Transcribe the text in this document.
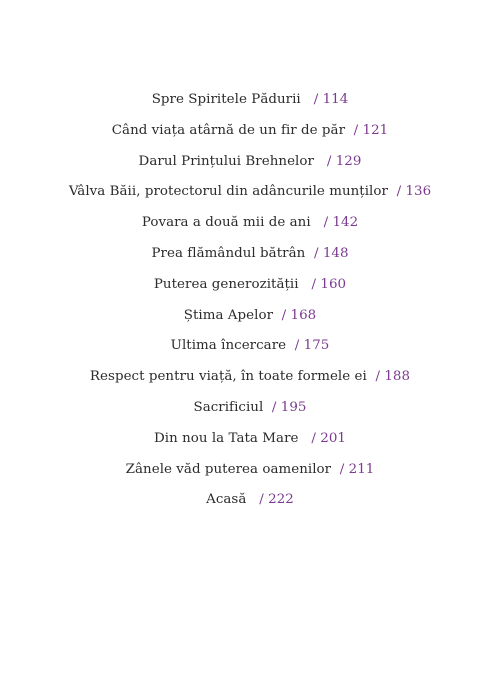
Spre Spiritele Pădurii / 114
Când viața atârnă de un fir de păr / 121
Darul Prințului Brehnelor / 129
Vâlva Băii, protectorul din adâncurile munților / 136
Povara a două mii de ani / 142
Prea flămândul bătrân / 148
Puterea generozității / 160
Știma Apelor / 168
Ultima încercare / 175
Respect pentru viață, în toate formele ei / 188
Sacrificiul / 195
Din nou la Tata Mare / 201
Zânele văd puterea oamenilor / 211
Acasă / 222
